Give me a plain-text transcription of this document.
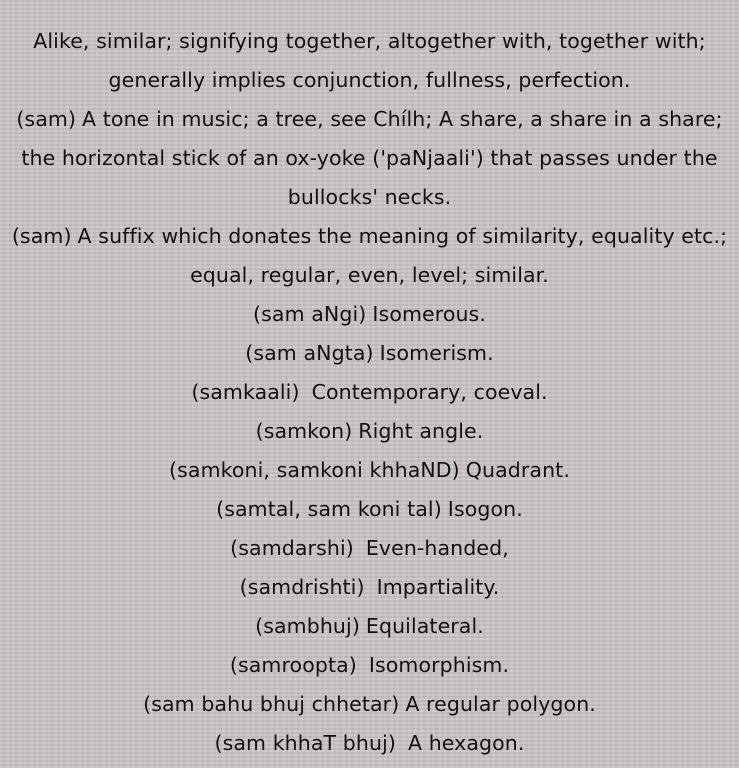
Alike, similar; signifying together, altogether with, together with; generally implies conjunction, fullness, perfection.
(sam) A tone in music; a tree, see Chílh; A share, a share in a share; the horizontal stick of an ox-yoke ('paNjaali') that passes under the bullocks' necks.
(sam) A suffix which donates the meaning of similarity, equality etc.; equal, regular, even, level; similar.
(sam aNgi) Isomerous.
(sam aNgta) Isomerism.
(samkaali) Contemporary, coeval.
(samkon) Right angle.
(samkoni, samkoni khhaND) Quadrant.
(samtal, sam koni tal) Isogon.
(samdarshi) Even-handed,
(samdrishti) Impartiality.
(sambhuj) Equilateral.
(samroopta) Isomorphism.
(sam bahu bhuj chhetar) A regular polygon.
(sam khhaT bhuj) A hexagon.
